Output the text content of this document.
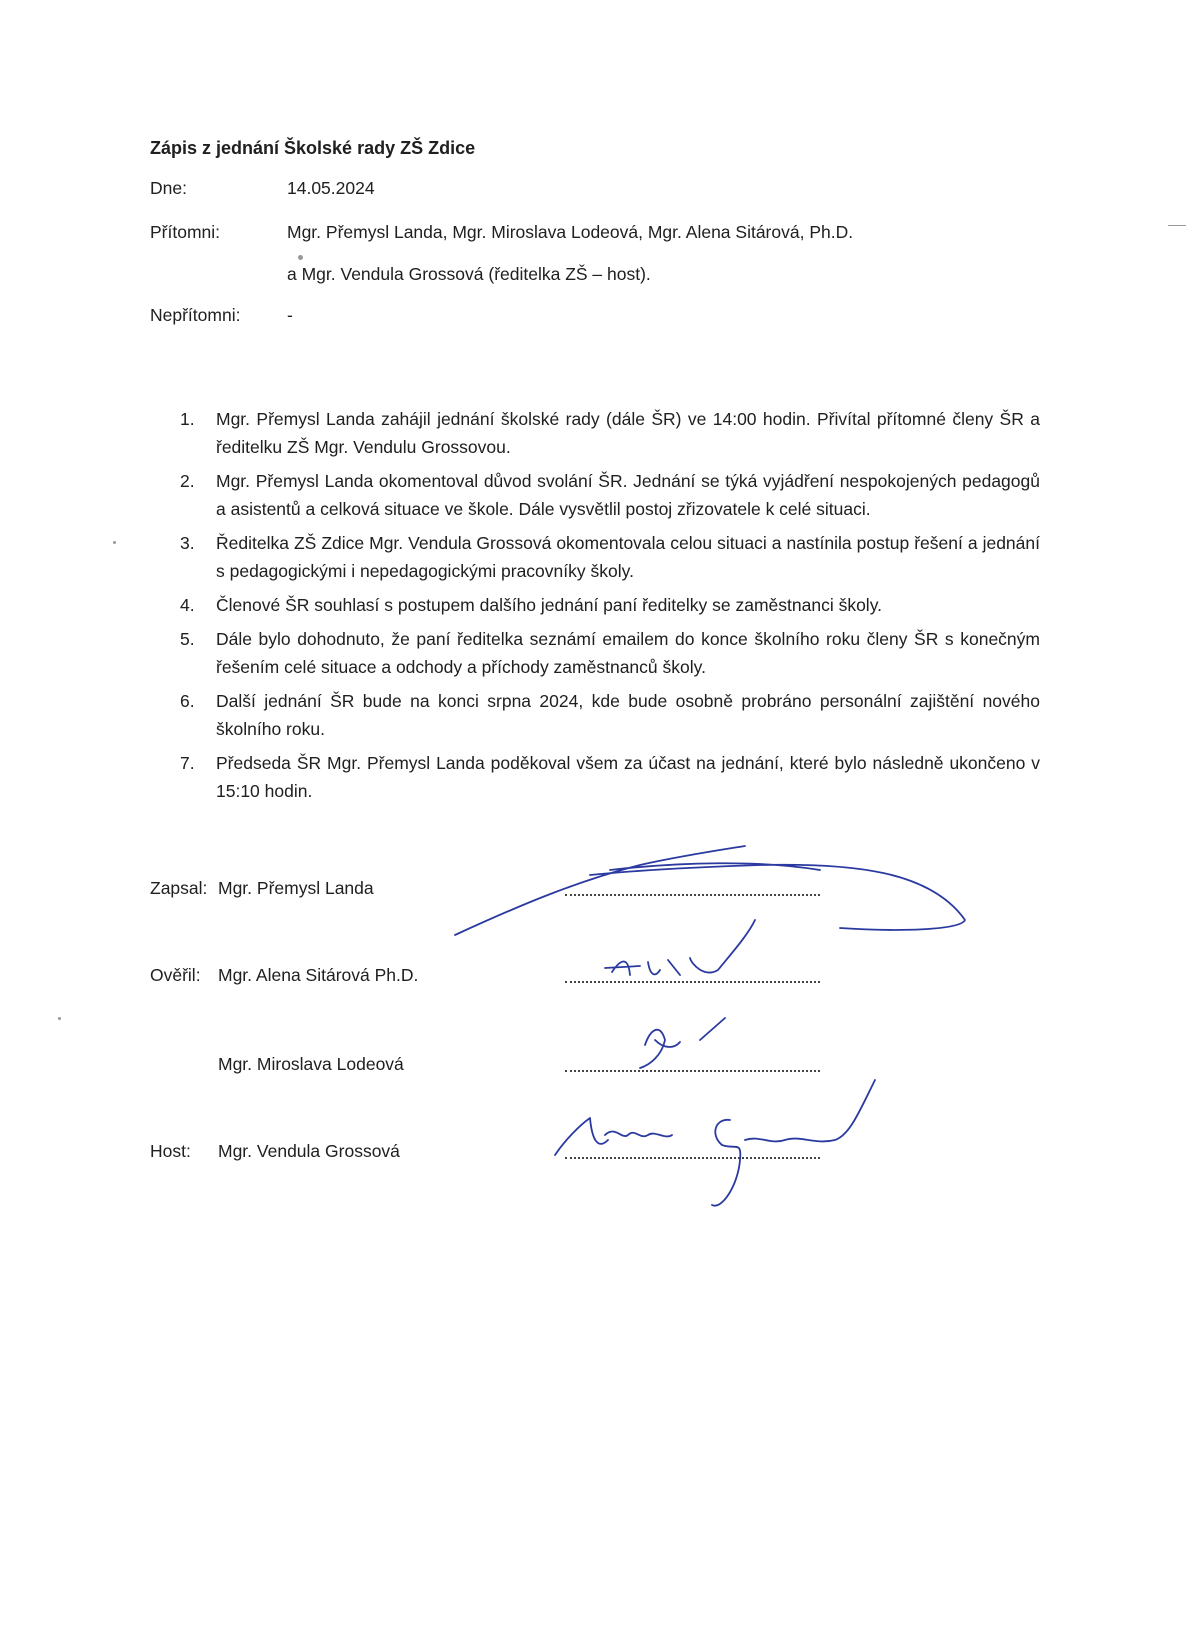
Zápis z jednání Školské rady ZŠ Zdice
Dne:	14.05.2024
Přítomni:	Mgr. Přemysl Landa, Mgr. Miroslava Lodeová, Mgr. Alena Sitárová, Ph.D.
a Mgr. Vendula Grossová (ředitelka ZŠ – host).
Nepřítomni:	-
1.	Mgr. Přemysl Landa zahájil jednání školské rady (dále ŠR) ve 14:00 hodin. Přivítal přítomné členy ŠR a ředitelku ZŠ Mgr. Vendulu Grossovou.
2.	Mgr. Přemysl Landa okomentoval důvod svolání ŠR. Jednání se týká vyjádření nespokojených pedagogů a asistentů a celková situace ve škole. Dále vysvětlil postoj zřizovatele k celé situaci.
3.	Ředitelka ZŠ Zdice Mgr. Vendula Grossová okomentovala celou situaci a nastínila postup řešení a jednání s pedagogickými i nepedagogickými pracovníky školy.
4.	Členové ŠR souhlasí s postupem dalšího jednání paní ředitelky se zaměstnanci školy.
5.	Dále bylo dohodnuto, že paní ředitelka seznámí emailem do konce školního roku členy ŠR s konečným řešením celé situace a odchody a příchody zaměstnanců školy.
6.	Další jednání ŠR bude na konci srpna 2024, kde bude osobně probráno personální zajištění nového školního roku.
7.	Předseda ŠR Mgr. Přemysl Landa poděkoval všem za účast na jednání, které bylo následně ukončeno v 15:10 hodin.
Zapsal: Mgr. Přemysl Landa
Ověřil: Mgr. Alena Sitárová Ph.D.
Mgr. Miroslava Lodeová
Host: Mgr. Vendula Grossová
